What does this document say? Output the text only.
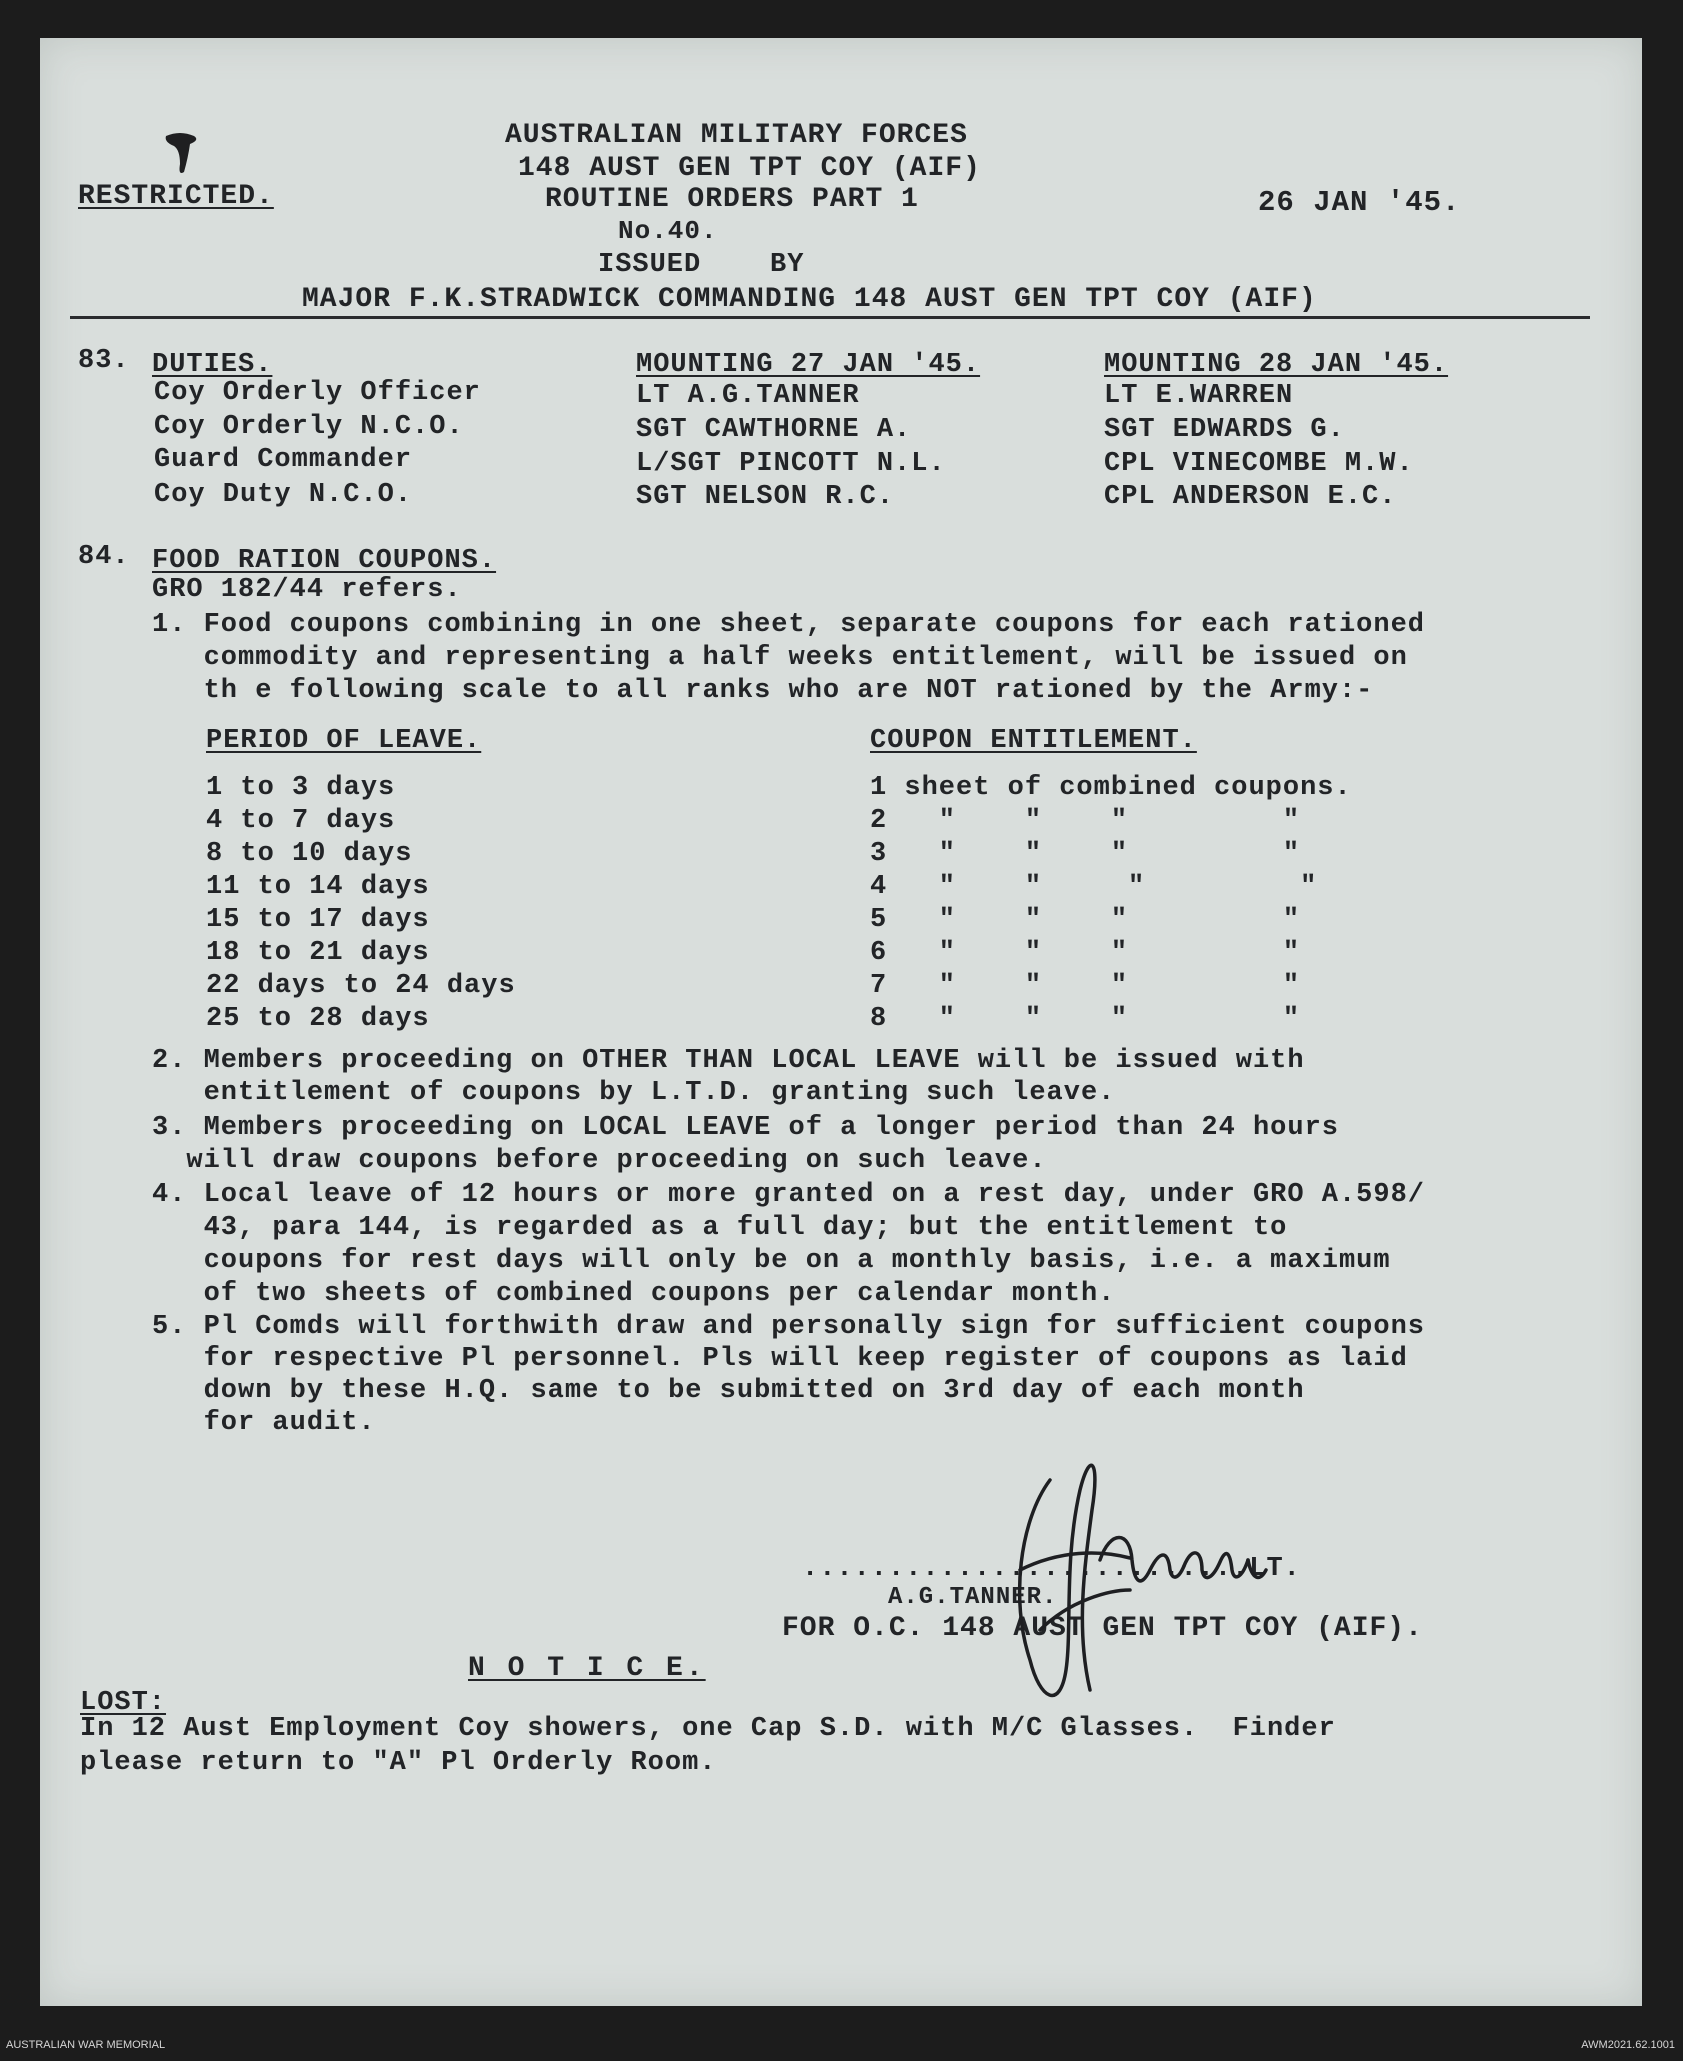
AUSTRALIAN MILITARY FORCES
148 AUST GEN TPT COY (AIF)
ROUTINE ORDERS PART 1
No.40.
RESTRICTED.	26 JAN '45.
ISSUED    BY
MAJOR F.K.STRADWICK COMMANDING 148 AUST GEN TPT COY (AIF)
83. DUTIES.	MOUNTING 27 JAN '45.	MOUNTING 28 JAN '45.
Coy Orderly Officer	LT A.G.TANNER	LT E.WARREN
Coy Orderly N.C.O.	SGT CAWTHORNE A.	SGT EDWARDS G.
Guard Commander	L/SGT PINCOTT N.L.	CPL VINECOMBE M.W.
Coy Duty N.C.O.	SGT NELSON R.C.	CPL ANDERSON E.C.
84. FOOD RATION COUPONS.
GRO 182/44 refers.
1. Food coupons combining in one sheet, separate coupons for each rationed
commodity and representing a half weeks entitlement, will be issued on
th e following scale to all ranks who are NOT rationed by the Army:-
PERIOD OF LEAVE.	COUPON ENTITLEMENT.
1 to 3 days	1 sheet of combined coupons.
4 to 7 days	2   "    "    "         "
8 to 10 days	3   "    "    "         "
11 to 14 days	4   "    "     "         "
15 to 17 days	5   "    "    "         "
18 to 21 days	6   "    "    "         "
22 days to 24 days	7   "    "    "         "
25 to 28 days	8   "    "    "         "
2. Members proceeding on OTHER THAN LOCAL LEAVE will be issued with
entitlement of coupons by L.T.D. granting such leave.
3. Members proceeding on LOCAL LEAVE of a longer period than 24 hours
will draw coupons before proceeding on such leave.
4. Local leave of 12 hours or more granted on a rest day, under GRO A.598/
43, para 144, is regarded as a full day; but the entitlement to
coupons for rest days will only be on a monthly basis, i.e. a maximum
of two sheets of combined coupons per calendar month.
5. Pl Comds will forthwith draw and personally sign for sufficient coupons
for respective Pl personnel. Pls will keep register of coupons as laid
down by these H.Q. same to be submitted on 3rd day of each month
for audit.
..........................LT.
A.G.TANNER.
FOR O.C. 148 AUST GEN TPT COY (AIF).
N O T I C E.
LOST:
In 12 Aust Employment Coy showers, one Cap S.D. with M/C Glasses.  Finder
please return to "A" Pl Orderly Room.
AUSTRALIAN WAR MEMORIAL	AWM2021.62.1001
